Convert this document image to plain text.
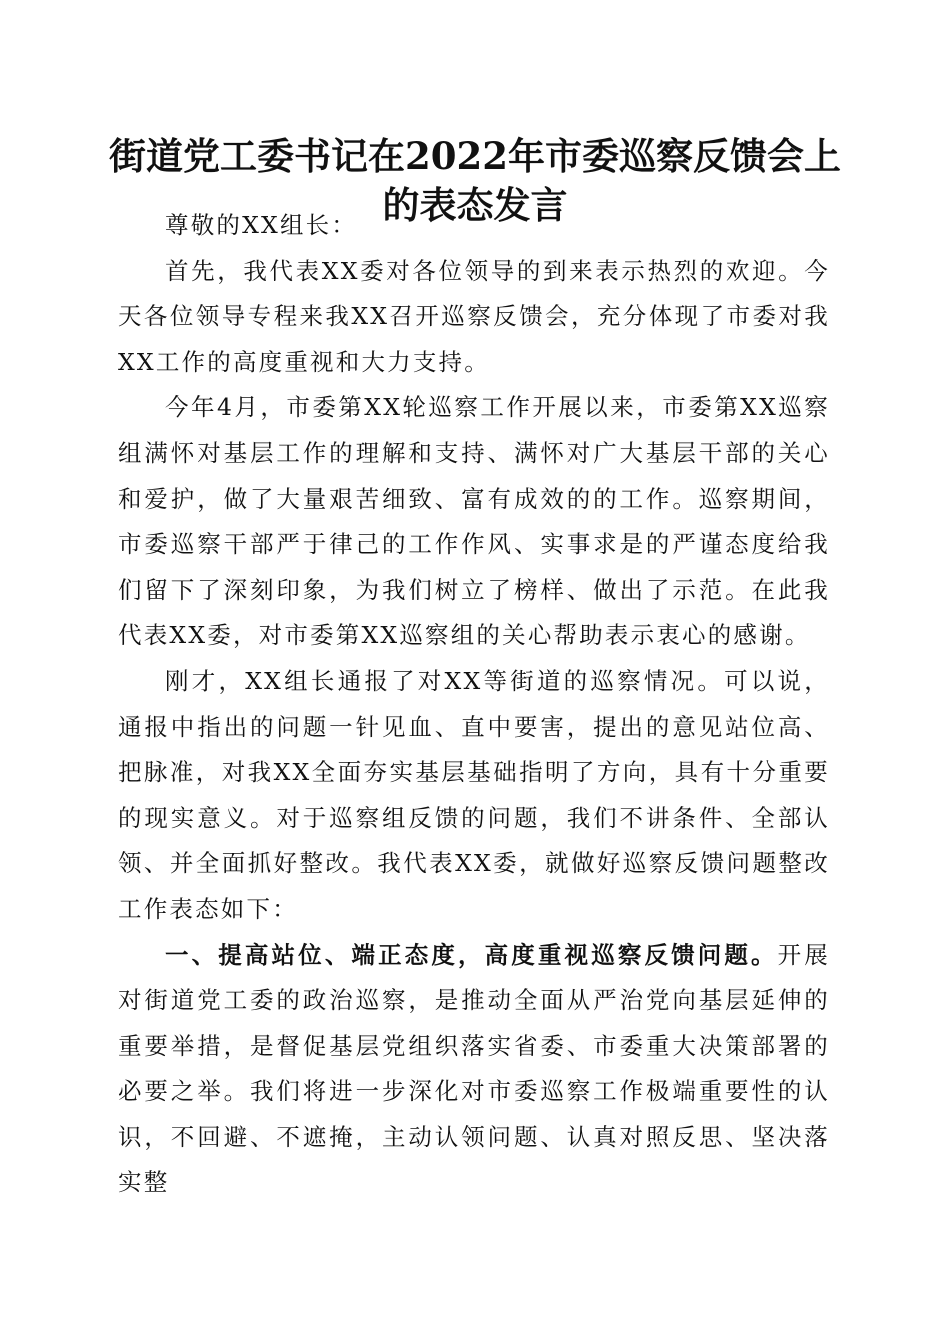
街道党工委书记在2022年市委巡察反馈会上的表态发言

尊敬的XX组长：

首先，我代表XX委对各位领导的到来表示热烈的欢迎。今天各位领导专程来我XX召开巡察反馈会，充分体现了市委对我XX工作的高度重视和大力支持。

今年4月，市委第XX轮巡察工作开展以来，市委第XX巡察组满怀对基层工作的理解和支持、满怀对广大基层干部的关心和爱护，做了大量艰苦细致、富有成效的的工作。巡察期间，市委巡察干部严于律己的工作作风、实事求是的严谨态度给我们留下了深刻印象，为我们树立了榜样、做出了示范。在此我代表XX委，对市委第XX巡察组的关心帮助表示衷心的感谢。

刚才，XX组长通报了对XX等街道的巡察情况。可以说，通报中指出的问题一针见血、直中要害，提出的意见站位高、把脉准，对我XX全面夯实基层基础指明了方向，具有十分重要的现实意义。对于巡察组反馈的问题，我们不讲条件、全部认领、并全面抓好整改。我代表XX委，就做好巡察反馈问题整改工作表态如下：

一、提高站位、端正态度，高度重视巡察反馈问题。开展对街道党工委的政治巡察，是推动全面从严治党向基层延伸的重要举措，是督促基层党组织落实省委、市委重大决策部署的必要之举。我们将进一步深化对市委巡察工作极端重要性的认识，不回避、不遮掩，主动认领问题、认真对照反思、坚决落实整
